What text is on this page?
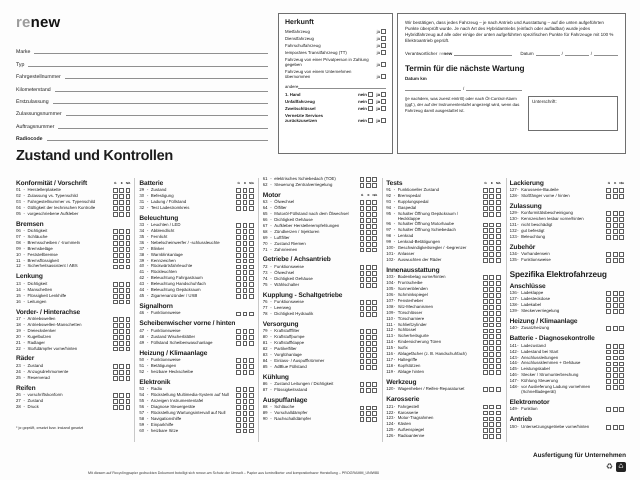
renew
Marke
Typ
Fahrgestellnummer
Kilometerstand
Erstzulassung
Zulassungsnummer
Auftragsnummer
Radiocode
Herkunft
Mietfahrzeug	ja
Dienstfahrzeug	ja
Fahrschulfahrzeug	ja
temporäres Transitfahrzeug (TT)	ja
Fahrzeug von einer Privatperson in Zahlung gegeben	ja
Fahrzeug von einem Unternehmen übernommen	ja
andere
1. Hand	nein ja
Unfallfahrzeug	nein ja
Zweitschlüssel	nein ja
Vernetzte Services zurückzusetzen	nein ja

Wir bestätigen, dass jedes Fahrzeug – je nach Antrieb und Ausstattung – auf die unten aufgeführten Punkte überprüft wurde. Je nach Art des Hybridantriebs (einfach oder aufladbar) wurde jedes Hybridfahrzeug auf alle oder einige der unten aufgeführten spezifischen Punkte für Fahrzeuge mit 100 % Elektroantrieb geprüft.

Verantwortlicher renew	Datum	/	/
Termin für die nächste Wartung
Datum km
/

(je nachdem, was zuerst eintritt) oder nach Öl-Control-Alarm (ggf.), der auf der Instrumententafel angezeigt wird, wenn das Fahrzeug damit ausgestattet ist.

Unterschrift:
Zustand und Kontrollen
Konformität / Vorschrift	G	E	N/A
01 - Herstellerplakette
02 - Zulassung vs. Typenschild
03 - Fahrgestellnummer vs. Typenschild
04 - Gültigkeit der technischen Kontrolle
05 - vorgeschriebene Aufkleber
Bremsen
06 - Dichtigkeit
07 - Schläuche
08 - Bremsscheiben / -trommeln
09 - Bremsbeläge
10 - Feststellbremse
11 - Bremsflüssigkeit
12 - Sicherheitsassistent / ABS
Lenkung
13 - Dichtigkeit
14 - Manschetten
15 - Flüssigkeit Lenkhilfe
16 - Leitungen
Vorder- / Hinterachse
17 - Antriebswellen
18 - Antriebswellen-Manschetten
19 - Dreieckslenker
20 - Kugelbolzen
21 - Radlager
22 - Stoßdämpfer vorne/hinten
Räder
23 - Zustand
24 - Anzugsdrehmomente
25 - Reserverad
Reifen
26 - vorschriftskonform
27 - Zustand
28 - Druck
* je geprüft, ersetzt bzw. instand gesetzt
Batterie	G	E	N/A
29 - Zustand
30 - Befestigung
31 - Ladung / Füllstand
32 - Test Ladestromkreis
Beleuchtung
33 - Leuchten / LED
34 - Abblendlicht
35 - Fernlicht
36 - Nebelscheinwerfer / -schlussleuchte
37 - Blinker
38 - Warnblinkanlage
39 - Kennzeichen
40 - Rückwärtsfahrleuchte
41 - Rückleuchten
42 - Beleuchtung Fahrgastraum
43 - Beleuchtung Handschuhfach
44 - Beleuchtung Gepäckraum
45 - Zigarrenanzünder / USB
Signalhorn
46 - Funktionsweise
Scheibenwischer vorne / hinten
47 - Funktionsweise
48 - Zustand Wischerblätter
49 - Füllstand Scheibenwaschanlage
Heizung / Klimaanlage
50 - Funktionsweise
51 - Betätigungen
52 - heizbare Heckscheibe
Elektronik
53 - Radio
54 - Rückstellung Multimedia-System auf Null
55 - Anzeigen Instrumententafel
56 - Diagnose Steuergeräte
57 - Rückstellung Wartungsintervall auf Null
58 - Navigationshilfe
59 - Einparkhilfe
60 - heizbare Sitze
61 - elektrisches Schiebedach (TOE)
62 - Steuerung Zentralverriegelung
Motor	G	E	N/A
63 - Ölwechsel
64 - Ölfilter
65 - Motoröl-Füllstand nach dem Ölwechsel
66 - Dichtigkeit Gehäuse
67 - Aufkleber Herstellerempfehlungen
68 - Zündkerzen / Injektoren
69 - Luftfilter
70 - Zustand Riemen
71 - Zahnriemen
Getriebe / Achsantrieb
72 - Funktionsweise
73 - Ölwechsel
74 - Dichtigkeit Gehäuse
75 - Wählschalter
Kupplung - Schaltgetriebe
76 - Funktionsweise
77 - Leerweg
78 - Dichtigkeit Hydraulik
Versorgung
79 - Kraftstofffilter
80 - Kraftstoffpumpe
81 - Kraftstoffklappe
82 - Partikelfilter
83 - Vorglühanlage
84 - Einlass- / Auspuffkrümmer
85 - AdBlue Füllstand
Kühlung
86 - Zustand Leitungen / Dichtigkeit
87 - Flüssigkeitsstand
Auspuffanlage
88 - Schläuche
89 - Vorschalldämpfer
90 - Nachschalldämpfer
Tests	G	E	N/A
91 - Funktioneller Zustand
92 - Bremspedal
93 - Kupplungspedal
94 - Gaspedal
95 - Schalter Öffnung Gepäckraum / Heckklappe
96 - Schalter Öffnung Motorhaube
97 - Schalter Öffnung Schiebedach
98 - Lenkrad
99 - Lenkrad-Betätigungen
100 - Geschwindigkeitsregler / -begrenzer
101 - Anlasser
102 - Auswuchten der Räder
Innenausstattung
103 - Bodenbelag vorne/hinten
104 - Frontscheibe
105 - Sonnenblenden
106 - Schminkspiegel
107 - Fensterheber
108 - Sitz-Mechanismen
109 - Türschlösser
110 - Türscharniere
111 - Schließzylinder
112 - Schlüssel
113 - Sicherheitsgurte
114 - Kindersicherung Türen
115 - Isofix
116 - Ablagefächer (z. B. Handschuhfach)
117 - Haltegriffe
118 - Kopfstützen
119 - Ablage hinten
Werkzeug
120 - Wagenheber / Reifen-Reparaturset
Karosserie
121 - Fahrgestell
122 - Karosserie
123 - Motor-Tragrahmen
124 - Kästen
125 - Außenspiegel
126 - Radioantenne
Lackierung	G	E	N/A
127 - Karosserie-Bauteile
128 - Stoßfänger vorne / hinten
Zulassung
129 - Konformitätsbescheinigung
130 - Kennzeichen lesbar vorne/hinten
131 - nicht beschädigt
132 - gut befestigt
133 - Beleuchtung
Zubehör
134 - Vorhandensein
135 - Funktionsweise
Spezifika Elektrofahrzeug
Anschlüsse
136 - Ladeklappe
137 - Ladesteckdose
138 - Ladekabel
139 - Steckerverriegelung
Heizung / Klimaanlage
140 - Zusatzheizung
Batterie - Diagnosekontrolle
141 - Ladezustand
142 - Ladestand bei Start
143 - Anschlussleitungen
144 - Anschlussklemmen + Gehäuse
145 - Leistungskabel
146 - Stecker / Stromunterbrechung
147 - Kühlung Steuerung
148 - vor Auslieferung Ladung vornehmen (Schnellladegerät)
Elektromotor
149 - Funktion
Antrieb
150 - Untersetzungsgetriebe vorne/hinten
Ausfertigung für Unternehmen
Mit diesem auf Recyclingpapier gedruckten Dokument beteiligt sich renew am Schutz der Umwelt – Papier aus kontrollierter und kompostierbarer Herstellung – PROGRAMM_UNIW80
♻ ♺
